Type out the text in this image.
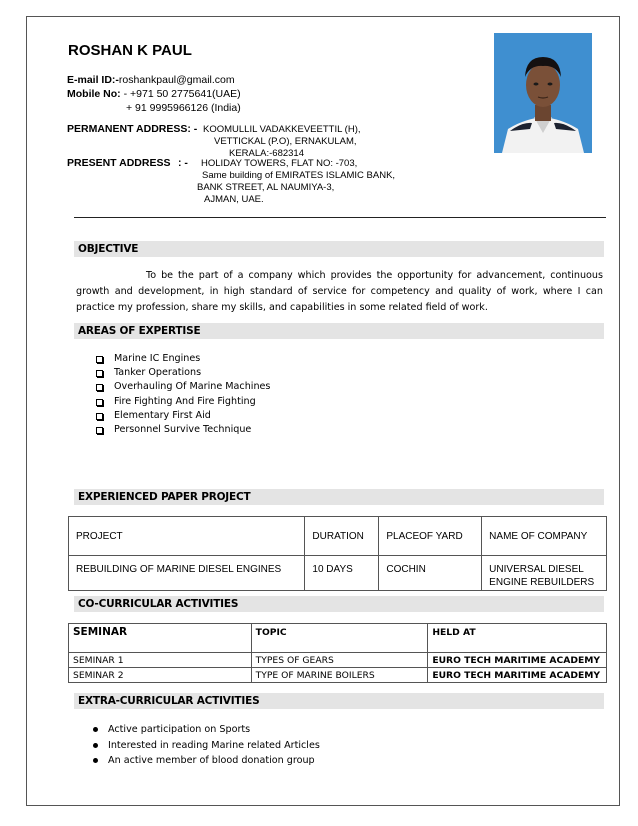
ROSHAN K PAUL
E-mail ID:-roshankpaul@gmail.com
Mobile No: - +971 50 2775641(UAE)
+ 91 9995966126 (India)
PERMANENT ADDRESS: - KOOMULLIL VADAKKEVEETTIL (H),
VETTICKAL (P.O), ERNAKULAM,
KERALA:-682314
PRESENT ADDRESS : - HOLIDAY TOWERS, FLAT NO: -703,
Same building of EMIRATES ISLAMIC BANK,
BANK STREET, AL NAUMIYA-3,
AJMAN, UAE.
OBJECTIVE
To be the part of a company which provides the opportunity for advancement, continuous growth and development, in high standard of service for competency and quality of work, where I can practice my profession, share my skills, and capabilities in some related field of work.
AREAS OF EXPERTISE
Marine IC Engines
Tanker Operations
Overhauling Of Marine Machines
Fire Fighting And Fire Fighting
Elementary First Aid
Personnel Survive Technique
EXPERIENCED PAPER PROJECT
PROJECT	DURATION	PLACEOF YARD	NAME OF COMPANY
REBUILDING OF MARINE DIESEL ENGINES	10 DAYS	COCHIN	UNIVERSAL DIESEL ENGINE REBUILDERS
CO-CURRICULAR ACTIVITIES
SEMINAR	TOPIC	HELD AT
SEMINAR 1	TYPES OF GEARS	EURO TECH MARITIME ACADEMY
SEMINAR 2	TYPE OF MARINE BOILERS	EURO TECH MARITIME ACADEMY
EXTRA-CURRICULAR ACTIVITIES
Active participation on Sports
Interested in reading Marine related Articles
An active member of blood donation group
